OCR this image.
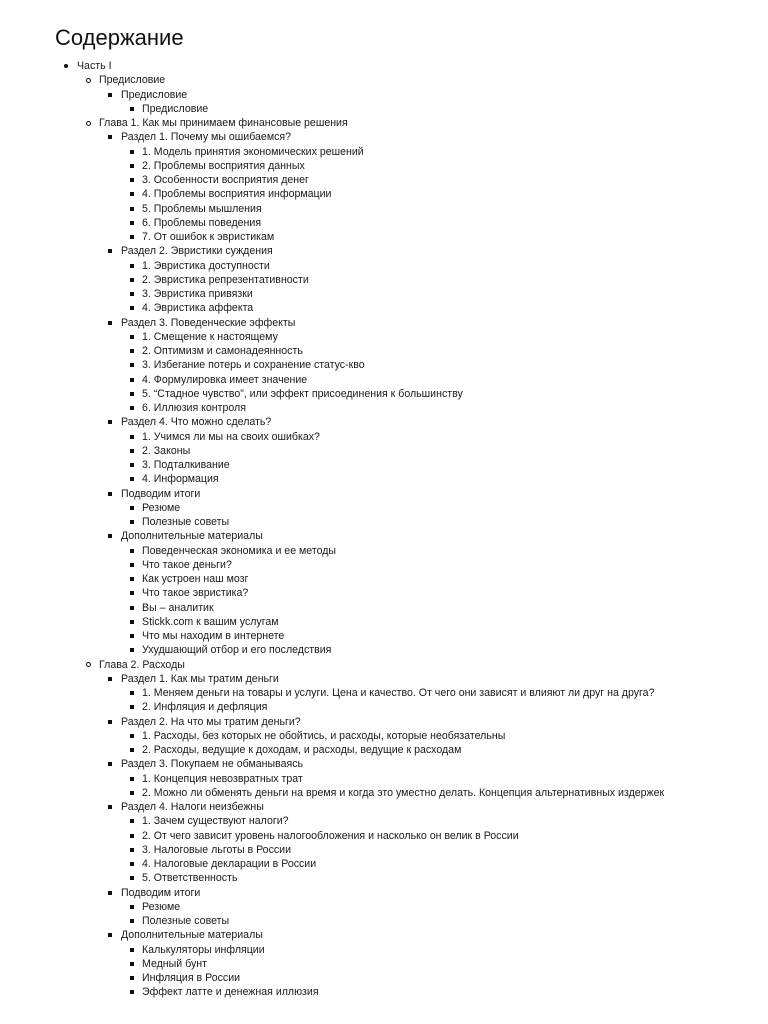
Содержание
Часть I
Предисловие
Предисловие
Предисловие
Глава 1. Как мы принимаем финансовые решения
Раздел 1. Почему мы ошибаемся?
1. Модель принятия экономических решений
2. Проблемы восприятия данных
3. Особенности восприятия денег
4. Проблемы восприятия информации
5. Проблемы мышления
6. Проблемы поведения
7. От ошибок к эвристикам
Раздел 2. Эвристики суждения
1. Эвристика доступности
2. Эвристика репрезентативности
3. Эвристика привязки
4. Эвристика аффекта
Раздел 3. Поведенческие эффекты
1. Смещение к настоящему
2. Оптимизм и самонадеянность
3. Избегание потерь и сохранение статус-кво
4. Формулировка имеет значение
5. “Стадное чувство”, или эффект присоединения к большинству
6. Иллюзия контроля
Раздел 4. Что можно сделать?
1. Учимся ли мы на своих ошибках?
2. Законы
3. Подталкивание
4. Информация
Подводим итоги
Резюме
Полезные советы
Дополнительные материалы
Поведенческая экономика и ее методы
Что такое деньги?
Как устроен наш мозг
Что такое эвристика?
Вы – аналитик
Stickk.com к вашим услугам
Что мы находим в интернете
Ухудшающий отбор и его последствия
Глава 2. Расходы
Раздел 1. Как мы тратим деньги
1. Меняем деньги на товары и услуги. Цена и качество. От чего они зависят и влияют ли друг на друга?
2. Инфляция и дефляция
Раздел 2. На что мы тратим деньги?
1. Расходы, без которых не обойтись, и расходы, которые необязательны
2. Расходы, ведущие к доходам, и расходы, ведущие к расходам
Раздел 3. Покупаем не обманываясь
1. Концепция невозвратных трат
2. Можно ли обменять деньги на время и когда это уместно делать. Концепция альтернативных издержек
Раздел 4. Налоги неизбежны
1. Зачем существуют налоги?
2. От чего зависит уровень налогообложения и насколько он велик в России
3. Налоговые льготы в России
4. Налоговые декларации в России
5. Ответственность
Подводим итоги
Резюме
Полезные советы
Дополнительные материалы
Калькуляторы инфляции
Медный бунт
Инфляция в России
Эффект латте и денежная иллюзия
